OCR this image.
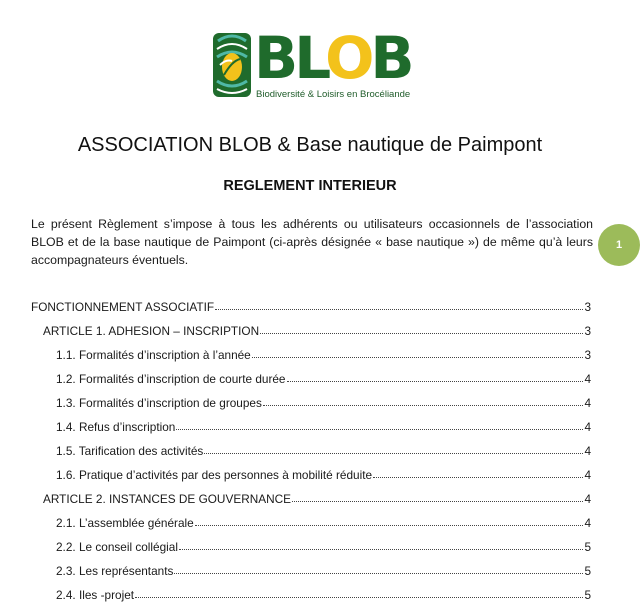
BLOB
Biodiversité & Loisirs en Brocéliande
ASSOCIATION BLOB & Base nautique de Paimpont
REGLEMENT INTERIEUR

Le présent Règlement s’impose à tous les adhérents ou utilisateurs occasionnels de l’association BLOB et de la base nautique de Paimpont (ci-après désignée « base nautique ») de même qu’à leurs accompagnateurs éventuels.

1
FONCTIONNEMENT ASSOCIATIF	3
ARTICLE 1. ADHESION – INSCRIPTION	3
1.1. Formalités d’inscription à l’année	3
1.2. Formalités d’inscription de courte durée	4
1.3. Formalités d’inscription de groupes	4
1.4. Refus d’inscription	4
1.5. Tarification des activités	4
1.6. Pratique d’activités par des personnes à mobilité réduite	4
ARTICLE 2. INSTANCES DE GOUVERNANCE	4
2.1. L’assemblée générale	4
2.2. Le conseil collégial	5
2.3. Les représentants	5
2.4. Iles -projet	5
